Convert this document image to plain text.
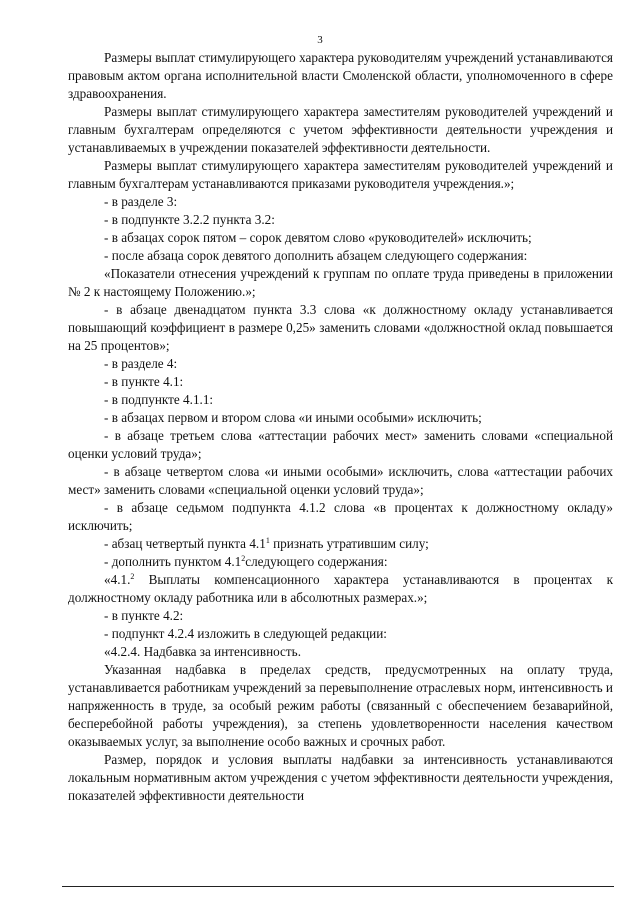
3

Размеры выплат стимулирующего характера руководителям учреждений устанавливаются правовым актом органа исполнительной власти Смоленской области, уполномоченного в сфере здравоохранения.

Размеры выплат стимулирующего характера заместителям руководителей учреждений и главным бухгалтерам определяются с учетом эффективности деятельности учреждения и устанавливаемых в учреждении показателей эффективности деятельности.

Размеры выплат стимулирующего характера заместителям руководителей учреждений и главным бухгалтерам устанавливаются приказами руководителя учреждения.»;

- в разделе 3:

- в подпункте 3.2.2 пункта 3.2:

- в абзацах сорок пятом – сорок девятом слово «руководителей» исключить;

- после абзаца сорок девятого дополнить абзацем следующего содержания:

«Показатели отнесения учреждений к группам по оплате труда приведены в приложении № 2 к настоящему Положению.»;

- в абзаце двенадцатом пункта 3.3 слова «к должностному окладу устанавливается повышающий коэффициент в размере 0,25» заменить словами «должностной оклад повышается на 25 процентов»;

- в разделе 4:

- в пункте 4.1:

- в подпункте 4.1.1:

- в абзацах первом и втором слова «и иными особыми» исключить;

- в абзаце третьем слова «аттестации рабочих мест» заменить словами «специальной оценки условий труда»;

- в абзаце четвертом слова «и иными особыми» исключить, слова «аттестации рабочих мест» заменить словами «специальной оценки условий труда»;

- в абзаце седьмом подпункта 4.1.2 слова «в процентах к должностному окладу» исключить;

- абзац четвертый пункта $4.1^1$ признать утратившим силу;

- дополнить пунктом $4.1^2следующего$ содержания:

«4.1.$^2$ Выплаты компенсационного характера устанавливаются в процентах к должностному окладу работника или в абсолютных размерах.»;

- в пункте 4.2:

- подпункт 4.2.4 изложить в следующей редакции:

«4.2.4. Надбавка за интенсивность.

Указанная надбавка в пределах средств, предусмотренных на оплату труда, устанавливается работникам учреждений за перевыполнение отраслевых норм, интенсивность и напряженность в труде, за особый режим работы (связанный с обеспечением безаварийной, бесперебойной работы учреждения), за степень удовлетворенности населения качеством оказываемых услуг, за выполнение особо важных и срочных работ.

Размер, порядок и условия выплаты надбавки за интенсивность устанавливаются локальным нормативным актом учреждения с учетом эффективности деятельности учреждения, показателей эффективности деятельности
